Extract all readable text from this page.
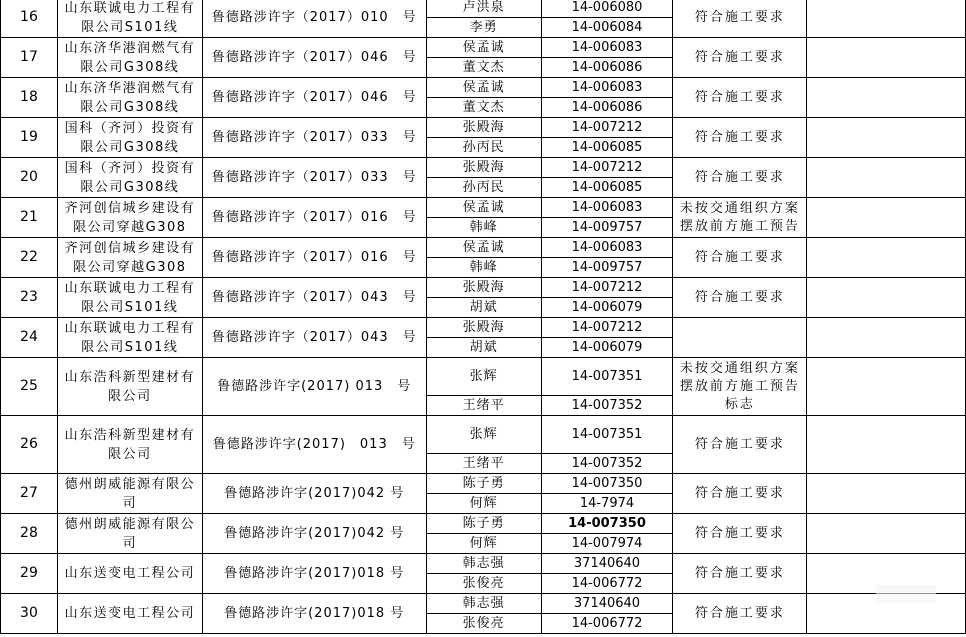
16	山东联诚电力工程有限公司S101线	鲁德路涉许字（2017）010　号	卢洪泉	14-006080	符合施工要求	
			李勇	14-006084		
17	山东济华港润燃气有限公司G308线	鲁德路涉许字（2017）046　号	侯孟诚	14-006083	符合施工要求	
			董文杰	14-006086		
18	山东济华港润燃气有限公司G308线	鲁德路涉许字（2017）046　号	侯孟诚	14-006083	符合施工要求	
			董文杰	14-006086		
19	国科（齐河）投资有限公司G308线	鲁德路涉许字（2017）033　号	张殿海	14-007212	符合施工要求	
			孙丙民	14-006085		
20	国科（齐河）投资有限公司G308线	鲁德路涉许字（2017）033　号	张殿海	14-007212	符合施工要求	
			孙丙民	14-006085		
21	齐河创信城乡建设有限公司穿越G308	鲁德路涉许字（2017）016　号	侯孟诚	14-006083	未按交通组织方案摆放前方施工预告	
			韩峰	14-009757		
22	齐河创信城乡建设有限公司穿越G308	鲁德路涉许字（2017）016　号	侯孟诚	14-006083	符合施工要求	
			韩峰	14-009757		
23	山东联诚电力工程有限公司S101线	鲁德路涉许字（2017）043　号	张殿海	14-007212	符合施工要求	
			胡斌	14-006079		
24	山东联诚电力工程有限公司S101线	鲁德路涉许字（2017）043　号	张殿海	14-007212		
			胡斌	14-006079		
25	山东浩科新型建材有限公司	鲁德路涉许字(2017) 013　号	张辉	14-007351	未按交通组织方案摆放前方施工预告标志	
			王绪平	14-007352		
26	山东浩科新型建材有限公司	鲁德路涉许字(2017)　013　号	张辉	14-007351	符合施工要求	
			王绪平	14-007352		
27	德州朗威能源有限公司	鲁德路涉许字(2017)042 号	陈子勇	14-007350	符合施工要求	
			何辉	14-7974		
28	德州朗威能源有限公司	鲁德路涉许字(2017)042 号	陈子勇	14-007350	符合施工要求	
			何辉	14-007974		
29	山东送变电工程公司	鲁德路涉许字(2017)018 号	韩志强	37140640	符合施工要求	
			张俊亮	14-006772		
30	山东送变电工程公司	鲁德路涉许字(2017)018 号	韩志强	37140640	符合施工要求	
			张俊亮	14-006772		
